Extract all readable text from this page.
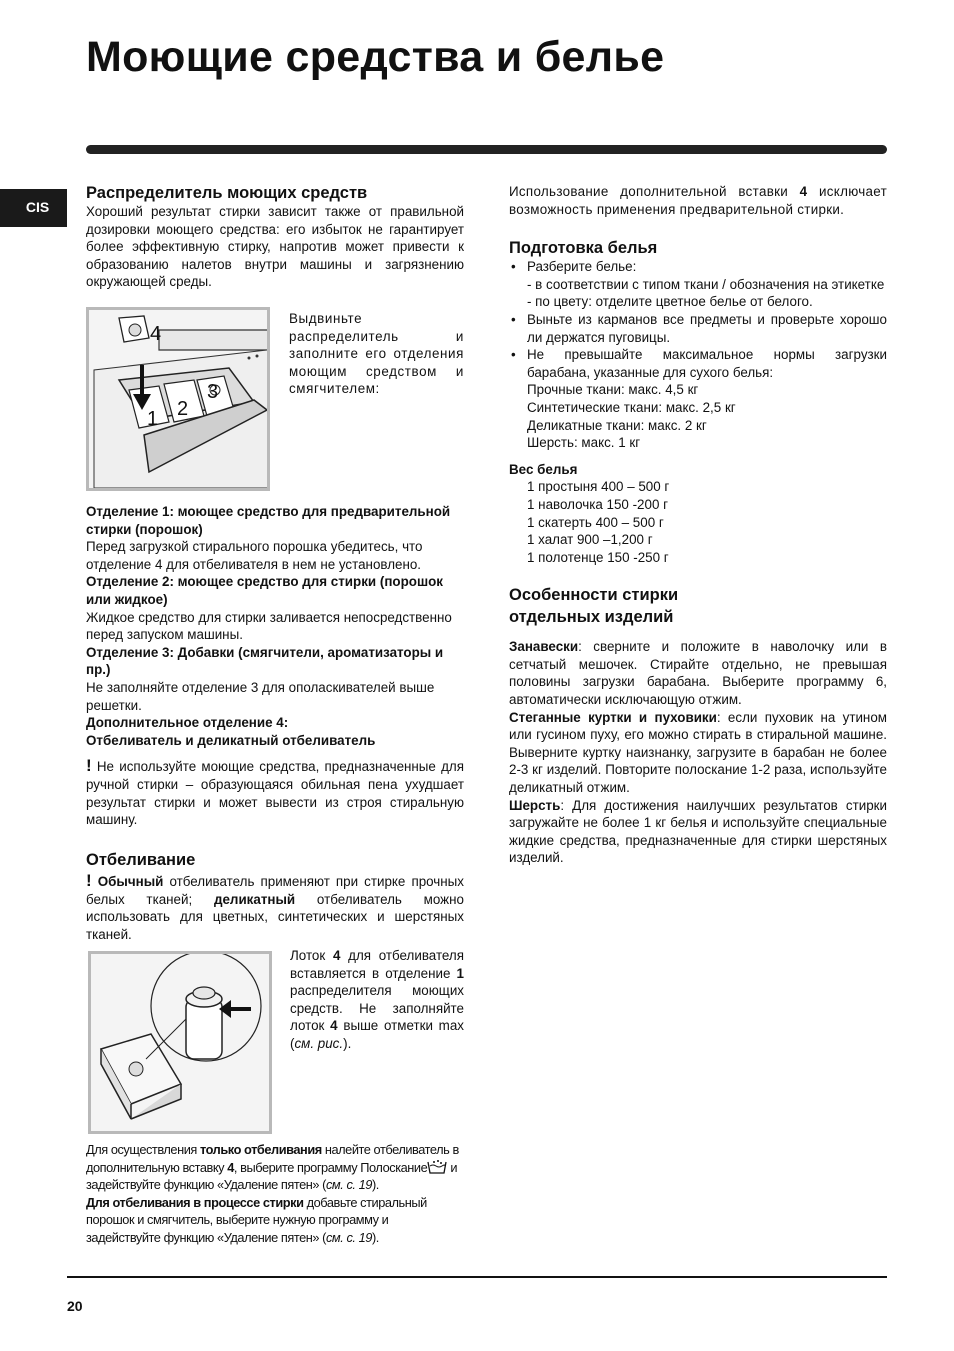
Моющие средства и белье
CIS
Распределитель моющих средств

Хороший результат стирки зависит также от правильной дозировки моющего средства: его избыток не гарантирует более эффективную стирку, напротив может привести к образованию налетов внутри машины и загрязнению окружающей среды.

4
1 2
3

Выдвиньте распределитель и заполните его отделения моющим средством и смягчителем:

Отделение 1: моющее средство для предварительной стирки (порошок)

Перед загрузкой стирального порошка убедитесь, что отделение 4 для отбеливателя в нем не установлено.

Отделение 2: моющее средство для стирки (порошок или жидкое)

Жидкое средство для стирки заливается непосредственно перед запуском машины.

Отделение 3: Добавки (смягчители, ароматизаторы и пр.)

Не заполняйте отделение 3 для ополаскивателей выше решетки.

Дополнительное отделение 4:
Отбеливатель и деликатный отбеливатель

! Не используйте моющие средства, предназначенные для ручной стирки – образующаяся обильная пена ухудшает результат стирки и может вывести из строя стиральную машину.

Отбеливание

! Обычный отбеливатель применяют при стирке прочных белых тканей; деликатный отбеливатель можно использовать для цветных, синтетических и шерстяных тканей.

Лоток 4 для отбеливателя вставляется в отделение 1 распределителя моющих средств. Не заполняйте лоток 4 выше отметки max (см. рис.).

Для осуществления только отбеливания налейте отбеливатель в дополнительную вставку 4, выберите программу Полоскание и задействуйте функцию «Удаление пятен» (см. с. 19).

Для отбеливания в процессе стирки добавьте стиральный порошок и смягчитель, выберите нужную программу и задействуйте функцию «Удаление пятен» (см. с. 19).

Использование дополнительной вставки 4 исключает возможность применения предварительной стирки.

Подготовка белья
• Разберите белье:
- в соответствии с типом ткани / обозначения на этикетке
- по цвету: отделите цветное белье от белого.
• Выньте из карманов все предметы и проверьте хорошо ли держатся пуговицы.
• Не превышайте максимальное нормы загрузки барабана, указанные для сухого белья:
Прочные ткани: макс. 4,5 кг
Синтетические ткани: макс. 2,5 кг
Деликатные ткани: макс. 2 кг
Шерсть: макс. 1 кг
Вес белья
1 простыня 400 – 500 г
1 наволочка 150 -200 г
1 скатерть 400 – 500 г
1 халат 900 –1,200 г
1 полотенце 150 -250 г
Особенности стирки
отдельных изделий

Занавески: сверните и положите в наволочку или в сетчатый мешочек. Стирайте отдельно, не превышая половины загрузки барабана. Выберите программу 6, автоматически исключающую отжим.

Стеганные куртки и пуховики: если пуховик на утином или гусином пуху, его можно стирать в стиральной машине. Выверните куртку наизнанку, загрузите в барабан не более 2-3 кг изделий. Повторите полоскание 1-2 раза, используйте деликатный отжим.

Шерсть: Для достижения наилучших результатов стирки загружайте не более 1 кг белья и используйте специальные жидкие средства, предназначенные для стирки шерстяных изделий.

20
